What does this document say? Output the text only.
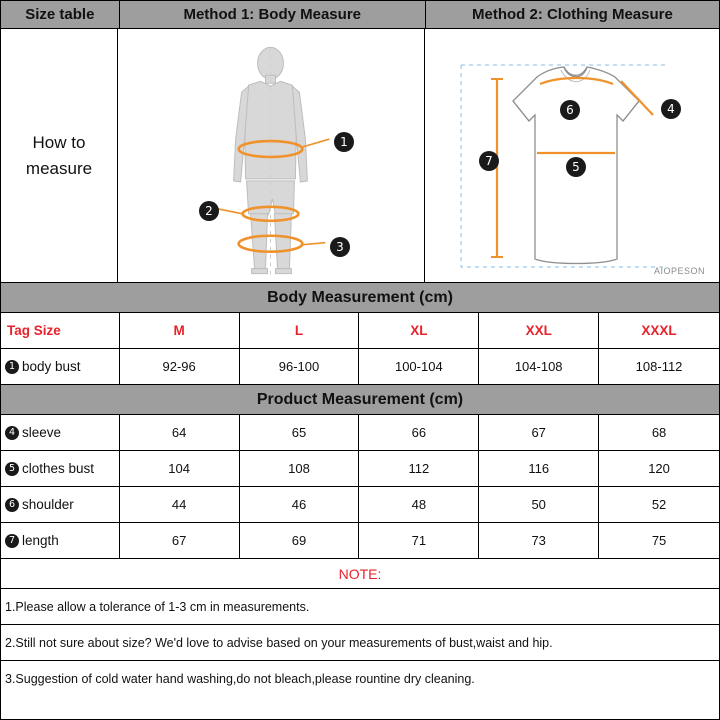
Size table	Method 1: Body Measure	Method 2: Clothing Measure
How to
measure
1
2
3
4
5
6
7
AIOPESON
Body Measurement (cm)
Tag Size	M	L	XL	XXL	XXXL
1 body bust	92-96	96-100	100-104	104-108	108-112
Product Measurement (cm)
4 sleeve	64	65	66	67	68
5 clothes bust	104	108	112	116	120
6 shoulder	44	46	48	50	52
7 length	67	69	71	73	75
NOTE:
1.Please allow a tolerance of 1-3 cm in measurements.
2.Still not sure about size? We'd love to advise based on your measurements of bust,waist and hip.
3.Suggestion of cold water hand washing,do not bleach,please rountine dry cleaning.
